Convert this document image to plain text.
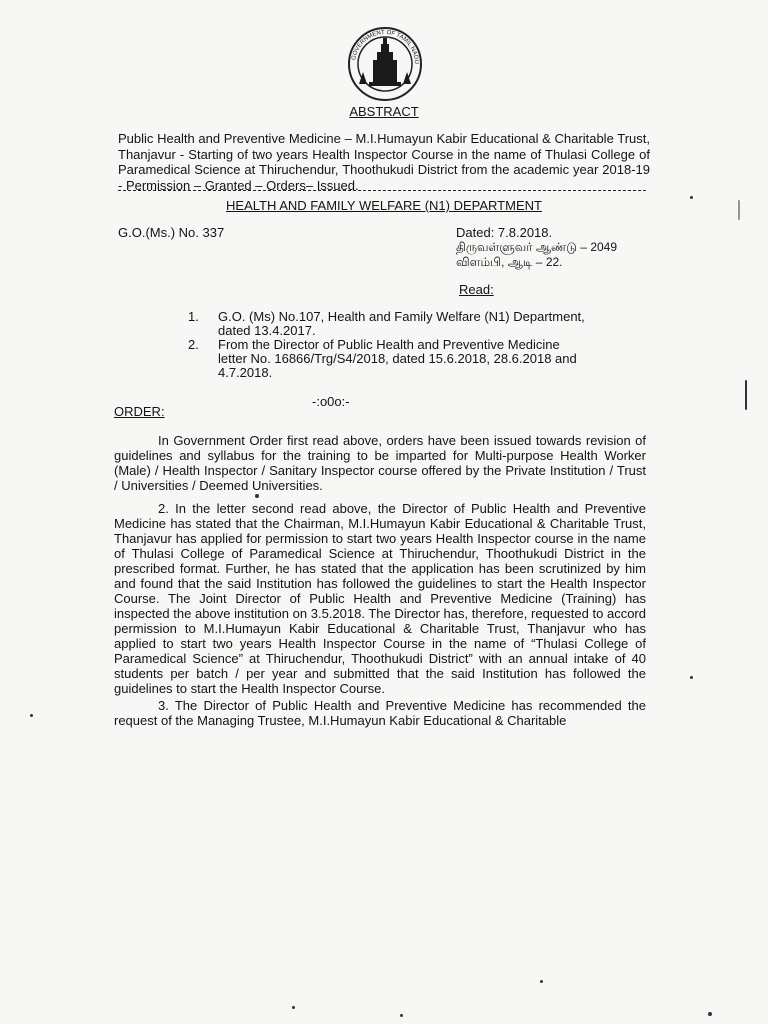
GOVERNMENT OF TAMIL NADU
ABSTRACT
Public Health and Preventive Medicine – M.I.Humayun Kabir Educational & Charitable Trust, Thanjavur - Starting of two years Health Inspector Course in the name of Thulasi College of Paramedical Science at Thiruchendur, Thoothukudi District from the academic year 2018-19 - Permission – Granted – Orders– Issued.
HEALTH AND FAMILY WELFARE (N1) DEPARTMENT
G.O.(Ms.) No. 337	Dated: 7.8.2018.
திருவள்ளுவர் ஆண்டு – 2049
விளம்பி, ஆடி – 22.
Read:
1.	G.O. (Ms) No.107, Health and Family Welfare (N1) Department, dated 13.4.2017.
2.	From the Director of Public Health and Preventive Medicine letter No. 16866/Trg/S4/2018, dated 15.6.2018, 28.6.2018 and 4.7.2018.
-:o0o:-
ORDER:
In Government Order first read above, orders have been issued towards revision of guidelines and syllabus for the training to be imparted for Multi-purpose Health Worker (Male) / Health Inspector / Sanitary Inspector course offered by the Private Institution / Trust / Universities / Deemed Universities.
2. In the letter second read above, the Director of Public Health and Preventive Medicine has stated that the Chairman, M.I.Humayun Kabir Educational & Charitable Trust, Thanjavur has applied for permission to start two years Health Inspector course in the name of Thulasi College of Paramedical Science at Thiruchendur, Thoothukudi District in the prescribed format. Further, he has stated that the application has been scrutinized by him and found that the said Institution has followed the guidelines to start the Health Inspector Course. The Joint Director of Public Health and Preventive Medicine (Training) has inspected the above institution on 3.5.2018. The Director has, therefore, requested to accord permission to M.I.Humayun Kabir Educational & Charitable Trust, Thanjavur who has applied to start two years Health Inspector Course in the name of “Thulasi College of Paramedical Science” at Thiruchendur, Thoothukudi District” with an annual intake of 40 students per batch / per year and submitted that the said Institution has followed the guidelines to start the Health Inspector Course.
3. The Director of Public Health and Preventive Medicine has recommended the request of the Managing Trustee, M.I.Humayun Kabir Educational & Charitable
